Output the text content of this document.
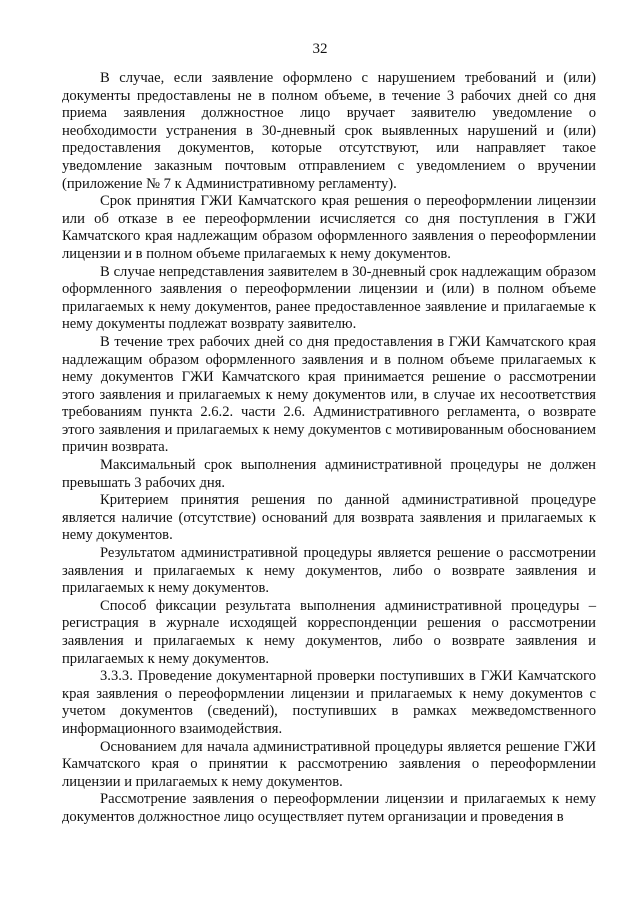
32

В случае, если заявление оформлено с нарушением требований и (или) документы предоставлены не в полном объеме, в течение 3 рабочих дней со дня приема заявления должностное лицо вручает заявителю уведомление о необходимости устранения в 30-дневный срок выявленных нарушений и (или) предоставления документов, которые отсутствуют, или направляет такое уведомление заказным почтовым отправлением с уведомлением о вручении (приложение № 7 к Административному регламенту).

Срок принятия ГЖИ Камчатского края решения о переоформлении лицензии или об отказе в ее переоформлении исчисляется со дня поступления в ГЖИ Камчатского края надлежащим образом оформленного заявления о переоформлении лицензии и в полном объеме прилагаемых к нему документов.

В случае непредставления заявителем в 30-дневный срок надлежащим образом оформленного заявления о переоформлении лицензии и (или) в полном объеме прилагаемых к нему документов, ранее предоставленное заявление и прилагаемые к нему документы подлежат возврату заявителю.

В течение трех рабочих дней со дня предоставления в ГЖИ Камчатского края надлежащим образом оформленного заявления и в полном объеме прилагаемых к нему документов ГЖИ Камчатского края принимается решение о рассмотрении этого заявления и прилагаемых к нему документов или, в случае их несоответствия требованиям пункта 2.6.2. части 2.6. Административного регламента, о возврате этого заявления и прилагаемых к нему документов с мотивированным обоснованием причин возврата.

Максимальный срок выполнения административной процедуры не должен превышать 3 рабочих дня.

Критерием принятия решения по данной административной процедуре является наличие (отсутствие) оснований для возврата заявления и прилагаемых к нему документов.

Результатом административной процедуры является решение о рассмотрении заявления и прилагаемых к нему документов, либо о возврате заявления и прилагаемых к нему документов.

Способ фиксации результата выполнения административной процедуры – регистрация в журнале исходящей корреспонденции решения о рассмотрении заявления и прилагаемых к нему документов, либо о возврате заявления и прилагаемых к нему документов.

3.3.3. Проведение документарной проверки поступивших в ГЖИ Камчатского края заявления о переоформлении лицензии и прилагаемых к нему документов с учетом документов (сведений), поступивших в рамках межведомственного информационного взаимодействия.

Основанием для начала административной процедуры является решение ГЖИ Камчатского края о принятии к рассмотрению заявления о переоформлении лицензии и прилагаемых к нему документов.

Рассмотрение заявления о переоформлении лицензии и прилагаемых к нему документов должностное лицо осуществляет путем организации и проведения в
